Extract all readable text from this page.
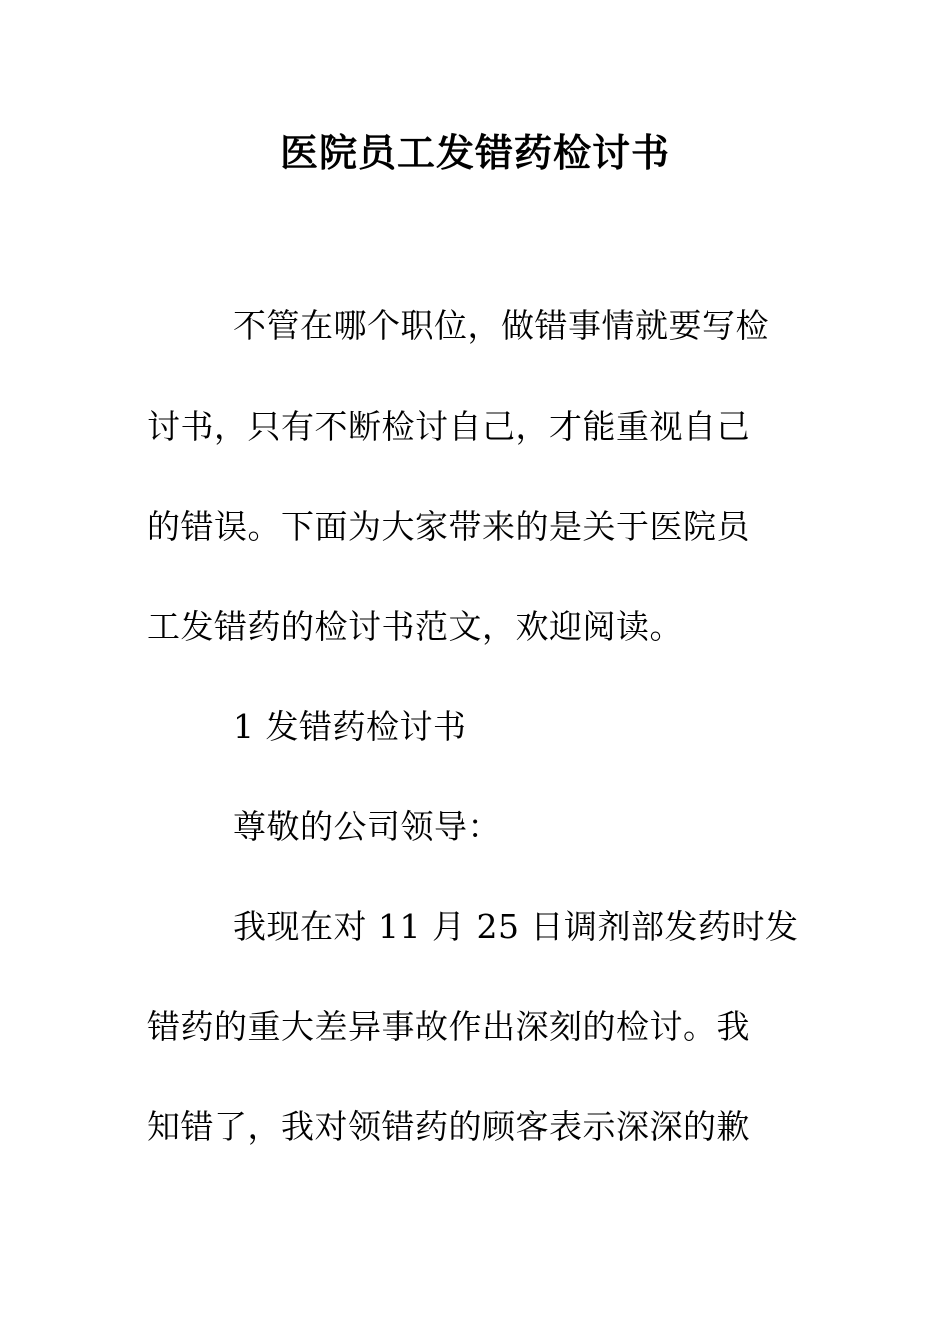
医院员工发错药检讨书
不管在哪个职位，做错事情就要写检
讨书，只有不断检讨自己，才能重视自己
的错误。下面为大家带来的是关于医院员
工发错药的检讨书范文，欢迎阅读。
1 发错药检讨书
尊敬的公司领导：
我现在对 11 月 25 日调剂部发药时发
错药的重大差异事故作出深刻的检讨。我
知错了，我对领错药的顾客表示深深的歉
